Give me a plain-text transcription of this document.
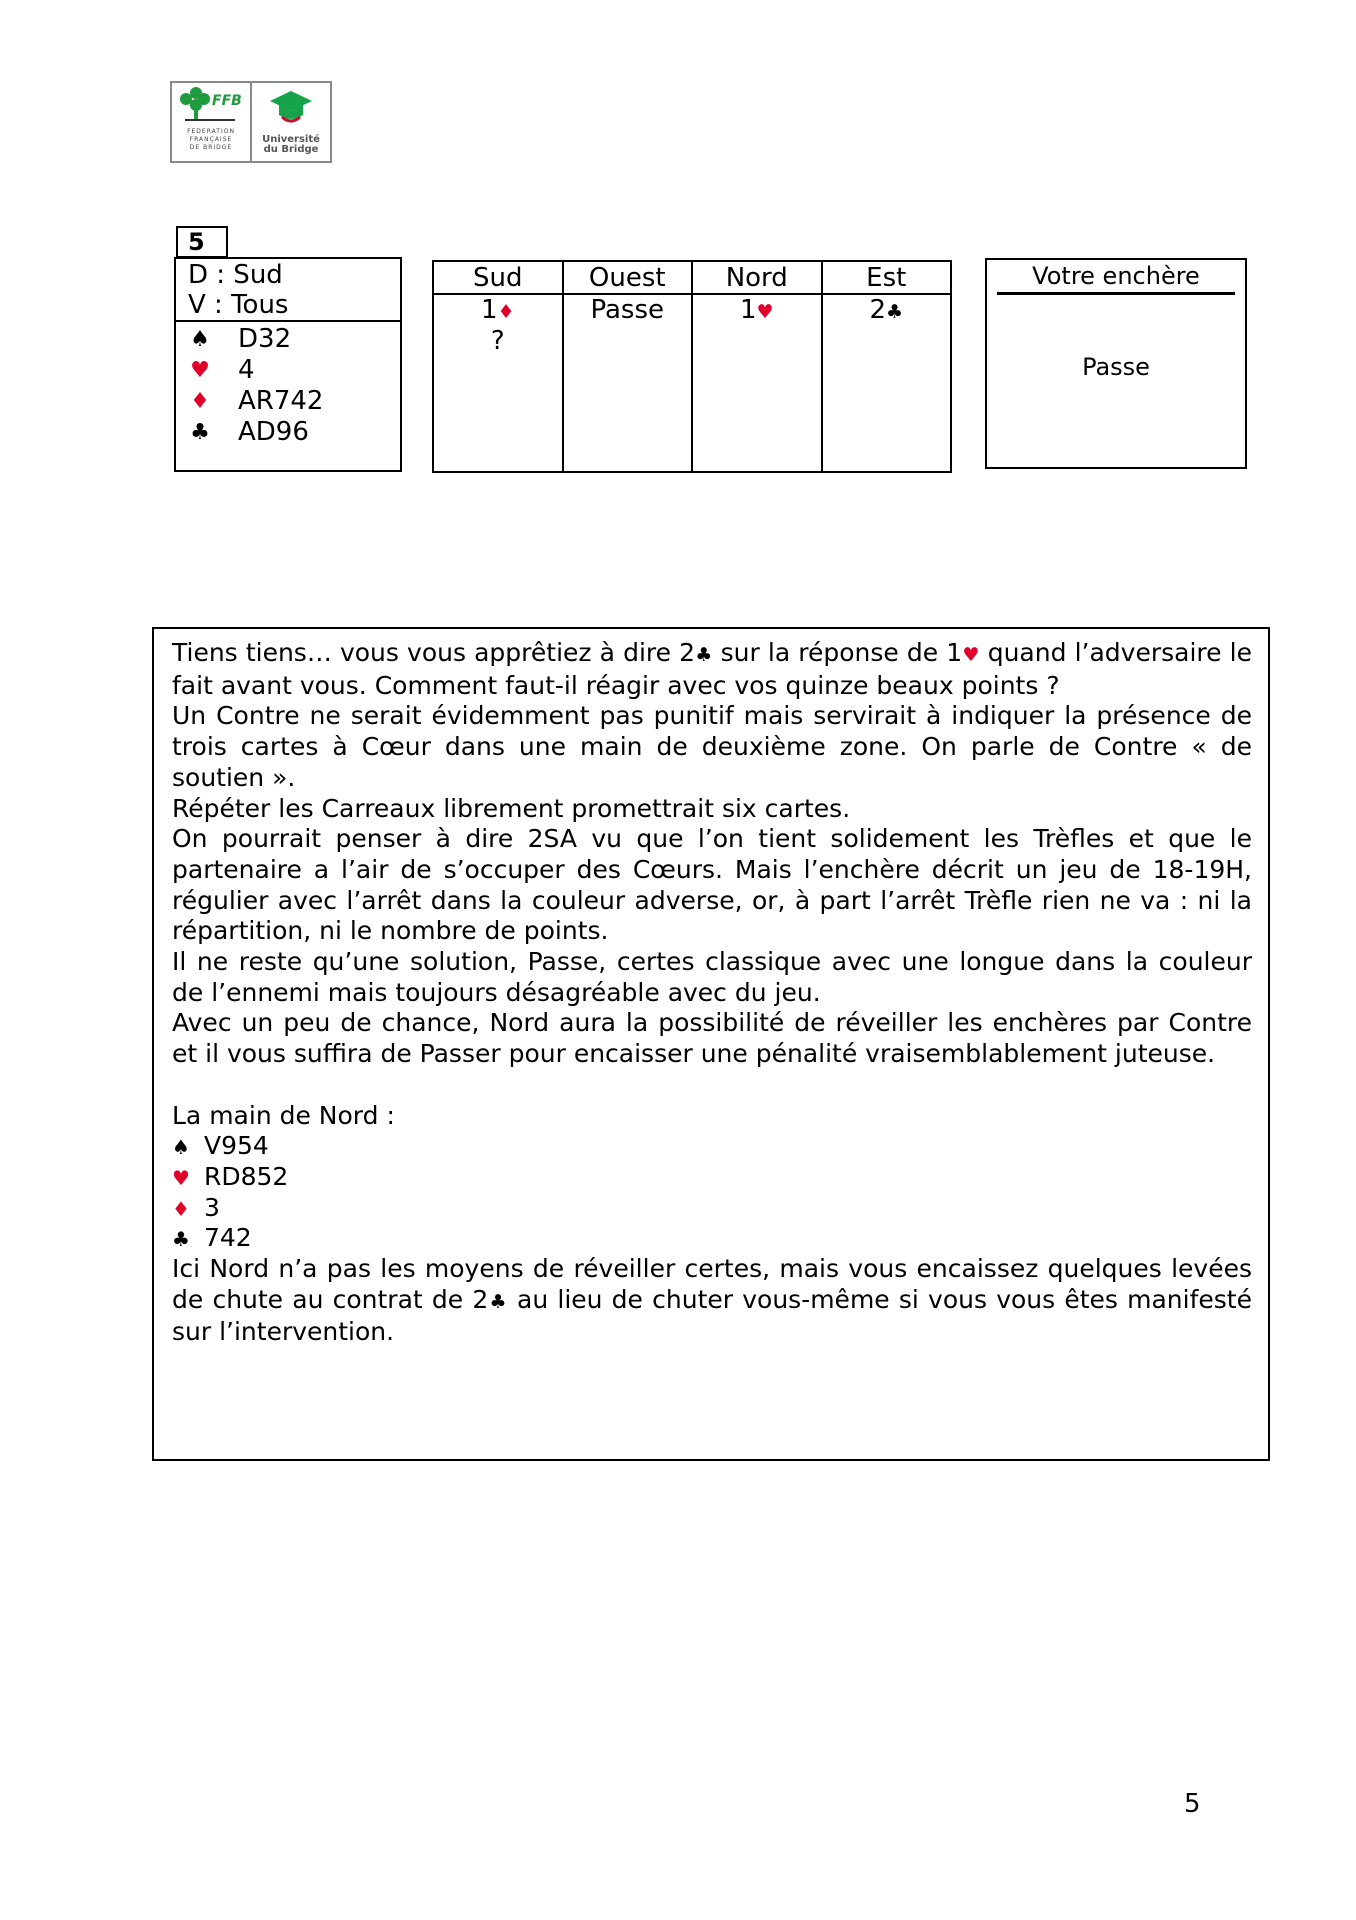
FFB
FEDERATION
FRANÇAISE
DE BRIDGE
Université
du Bridge
5
D : Sud
V : Tous
♠ D32
♥ 4
♦ AR742
♣ AD96
Sud
1♦
?
Ouest
Passe
Nord
1♥
Est
2♣
Votre enchère
Passe

Tiens tiens… vous vous apprêtiez à dire 2♣ sur la réponse de 1♥ quand l’adversaire le fait avant vous. Comment faut-il réagir avec vos quinze beaux points ?

Un Contre ne serait évidemment pas punitif mais servirait à indiquer la présence de trois cartes à Cœur dans une main de deuxième zone. On parle de Contre « de soutien ».

Répéter les Carreaux librement promettrait six cartes.

On pourrait penser à dire 2SA vu que l’on tient solidement les Trèfles et que le partenaire a l’air de s’occuper des Cœurs. Mais l’enchère décrit un jeu de 18-19H, régulier avec l’arrêt dans la couleur adverse, or, à part l’arrêt Trèfle rien ne va : ni la répartition, ni le nombre de points.

Il ne reste qu’une solution, Passe, certes classique avec une longue dans la couleur de l’ennemi mais toujours désagréable avec du jeu.

Avec un peu de chance, Nord aura la possibilité de réveiller les enchères par Contre et il vous suffira de Passer pour encaisser une pénalité vraisemblablement juteuse.

La main de Nord :

♠ V954
♥ RD852
♦ 3
♣ 742

Ici Nord n’a pas les moyens de réveiller certes, mais vous encaissez quelques levées de chute au contrat de 2♣ au lieu de chuter vous-même si vous vous êtes manifesté sur l’intervention.

5
